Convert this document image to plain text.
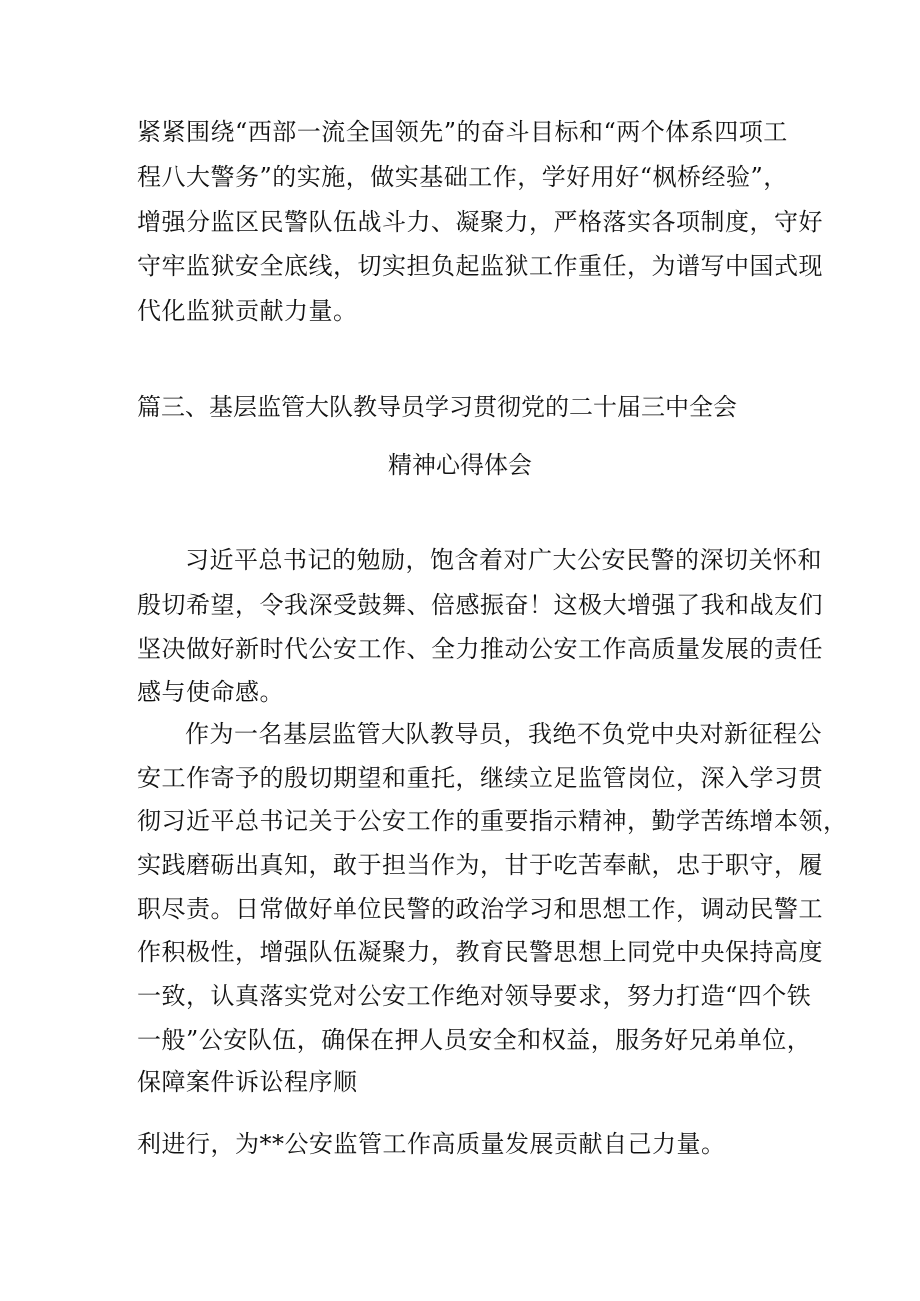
紧紧围绕“西部一流全国领先”的奋斗目标和“两个体系四项工
程八大警务”的实施，做实基础工作，学好用好“枫桥经验”，
增强分监区民警队伍战斗力、凝聚力，严格落实各项制度，守好
守牢监狱安全底线，切实担负起监狱工作重任，为谱写中国式现
代化监狱贡献力量。
篇三、基层监管大队教导员学习贯彻党的二十届三中全会
精神心得体会
习近平总书记的勉励，饱含着对广大公安民警的深切关怀和
殷切希望，令我深受鼓舞、倍感振奋！这极大增强了我和战友们
坚决做好新时代公安工作、全力推动公安工作高质量发展的责任
感与使命感。
作为一名基层监管大队教导员，我绝不负党中央对新征程公
安工作寄予的殷切期望和重托，继续立足监管岗位，深入学习贯
彻习近平总书记关于公安工作的重要指示精神，勤学苦练增本领，
实践磨砺出真知，敢于担当作为，甘于吃苦奉献，忠于职守，履
职尽责。日常做好单位民警的政治学习和思想工作，调动民警工
作积极性，增强队伍凝聚力，教育民警思想上同党中央保持高度
一致，认真落实党对公安工作绝对领导要求，努力打造“四个铁
一般”公安队伍，确保在押人员安全和权益，服务好兄弟单位，
保障案件诉讼程序顺
利进行，为**公安监管工作高质量发展贡献自己力量。
